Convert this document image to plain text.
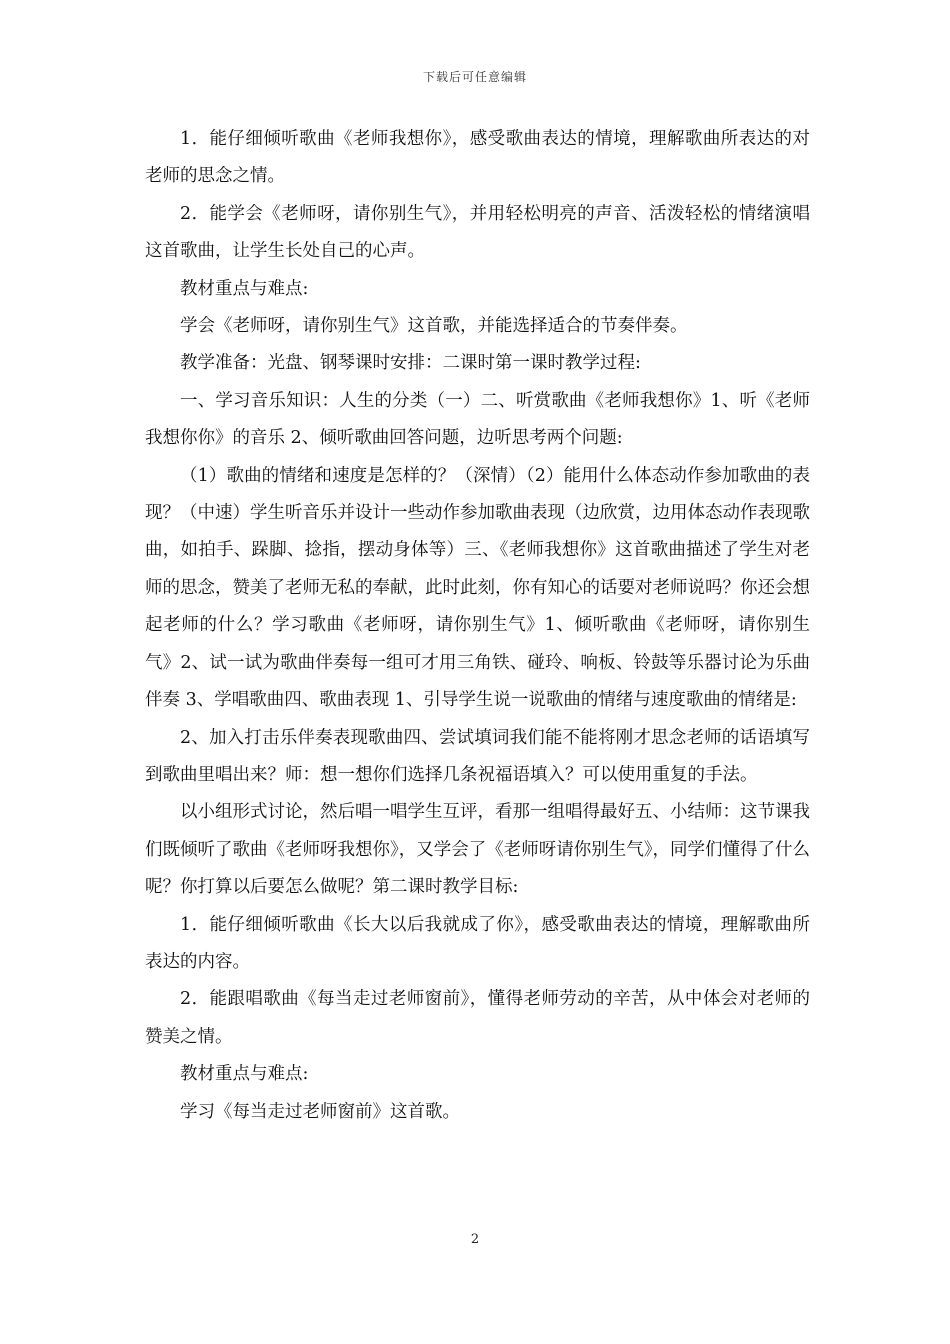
下载后可任意编辑

1．能仔细倾听歌曲《老师我想你》，感受歌曲表达的情境，理解歌曲所表达的对老师的思念之情。

2．能学会《老师呀，请你别生气》，并用轻松明亮的声音、活泼轻松的情绪演唱这首歌曲，让学生长处自己的心声。

教材重点与难点:

学会《老师呀，请你别生气》这首歌，并能选择适合的节奏伴奏。

教学准备：光盘、钢琴课时安排：二课时第一课时教学过程:

一、学习音乐知识：人生的分类（一）二、听赏歌曲《老师我想你》1、听《老师我想你你》的音乐 2、倾听歌曲回答问题，边听思考两个问题:

（1）歌曲的情绪和速度是怎样的？（深情）（2）能用什么体态动作参加歌曲的表现？（中速）学生听音乐并设计一些动作参加歌曲表现（边欣赏，边用体态动作表现歌曲，如拍手、跺脚、捻指，摆动身体等）三、《老师我想你》这首歌曲描述了学生对老师的思念，赞美了老师无私的奉献，此时此刻，你有知心的话要对老师说吗？你还会想起老师的什么？学习歌曲《老师呀，请你别生气》1、倾听歌曲《老师呀，请你别生气》2、试一试为歌曲伴奏每一组可才用三角铁、碰玲、响板、铃鼓等乐器讨论为乐曲伴奏 3、学唱歌曲四、歌曲表现 1、引导学生说一说歌曲的情绪与速度歌曲的情绪是:

2、加入打击乐伴奏表现歌曲四、尝试填词我们能不能将刚才思念老师的话语填写到歌曲里唱出来？师：想一想你们选择几条祝福语填入？可以使用重复的手法。

以小组形式讨论，然后唱一唱学生互评，看那一组唱得最好五、小结师：这节课我们既倾听了歌曲《老师呀我想你》，又学会了《老师呀请你别生气》，同学们懂得了什么呢？你打算以后要怎么做呢？第二课时教学目标:

1．能仔细倾听歌曲《长大以后我就成了你》，感受歌曲表达的情境，理解歌曲所表达的内容。

2．能跟唱歌曲《每当走过老师窗前》，懂得老师劳动的辛苦，从中体会对老师的赞美之情。

教材重点与难点:

学习《每当走过老师窗前》这首歌。

2
